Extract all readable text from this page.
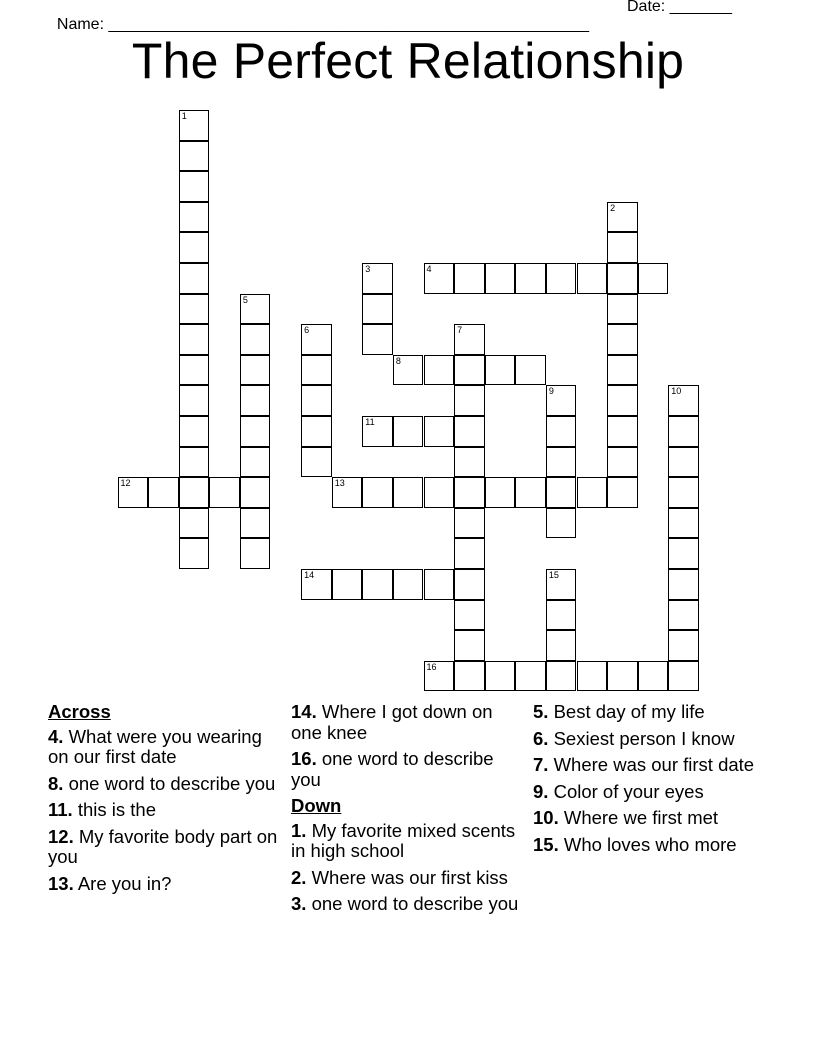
Name: ______________________________________________________

Date: _______

The Perfect Relationship
1
2
3	4
5
6	7
8
9	10
11
12	13
14	15
16
Across
4. What were you wearing on our first date
8. one word to describe you
11. this is the
12. My favorite body part on you
13. Are you in?
14. Where I got down on one knee
16. one word to describe you
Down
1. My favorite mixed scents in high school
2. Where was our first kiss
3. one word to describe you
5. Best day of my life
6. Sexiest person I know
7. Where was our first date
9. Color of your eyes
10. Where we first met
15. Who loves who more
